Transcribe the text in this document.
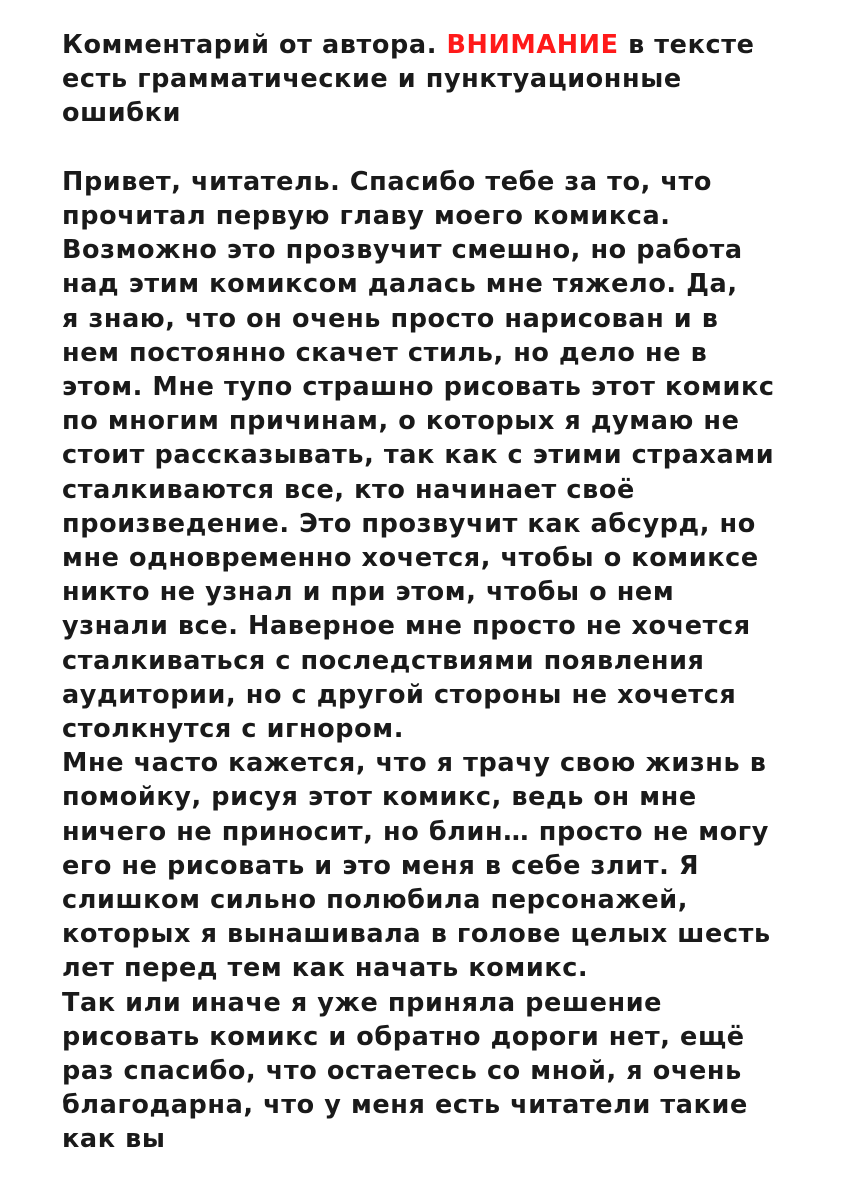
Комментарий от автора. ВНИМАНИЕ в тексте
есть грамматические и пунктуационные
ошибки
Привет, читатель. Спасибо тебе за то, что
прочитал первую главу моего комикса.
Возможно это прозвучит смешно, но работа
над этим комиксом далась мне тяжело. Да,
я знаю, что он очень просто нарисован и в
нем постоянно скачет стиль, но дело не в
этом. Мне тупо страшно рисовать этот комикс
по многим причинам, о которых я думаю не
стоит рассказывать, так как с этими страхами
сталкиваются все, кто начинает своё
произведение. Это прозвучит как абсурд, но
мне одновременно хочется, чтобы о комиксе
никто не узнал и при этом, чтобы о нем
узнали все. Наверное мне просто не хочется
сталкиваться с последствиями появления
аудитории, но с другой стороны не хочется
столкнутся с игнором.
Мне часто кажется, что я трачу свою жизнь в
помойку, рисуя этот комикс, ведь он мне
ничего не приносит, но блин… просто не могу
его не рисовать и это меня в себе злит. Я
слишком сильно полюбила персонажей,
которых я вынашивала в голове целых шесть
лет перед тем как начать комикс.
Так или иначе я уже приняла решение
рисовать комикс и обратно дороги нет, ещё
раз спасибо, что остаетесь со мной, я очень
благодарна, что у меня есть читатели такие
как вы
